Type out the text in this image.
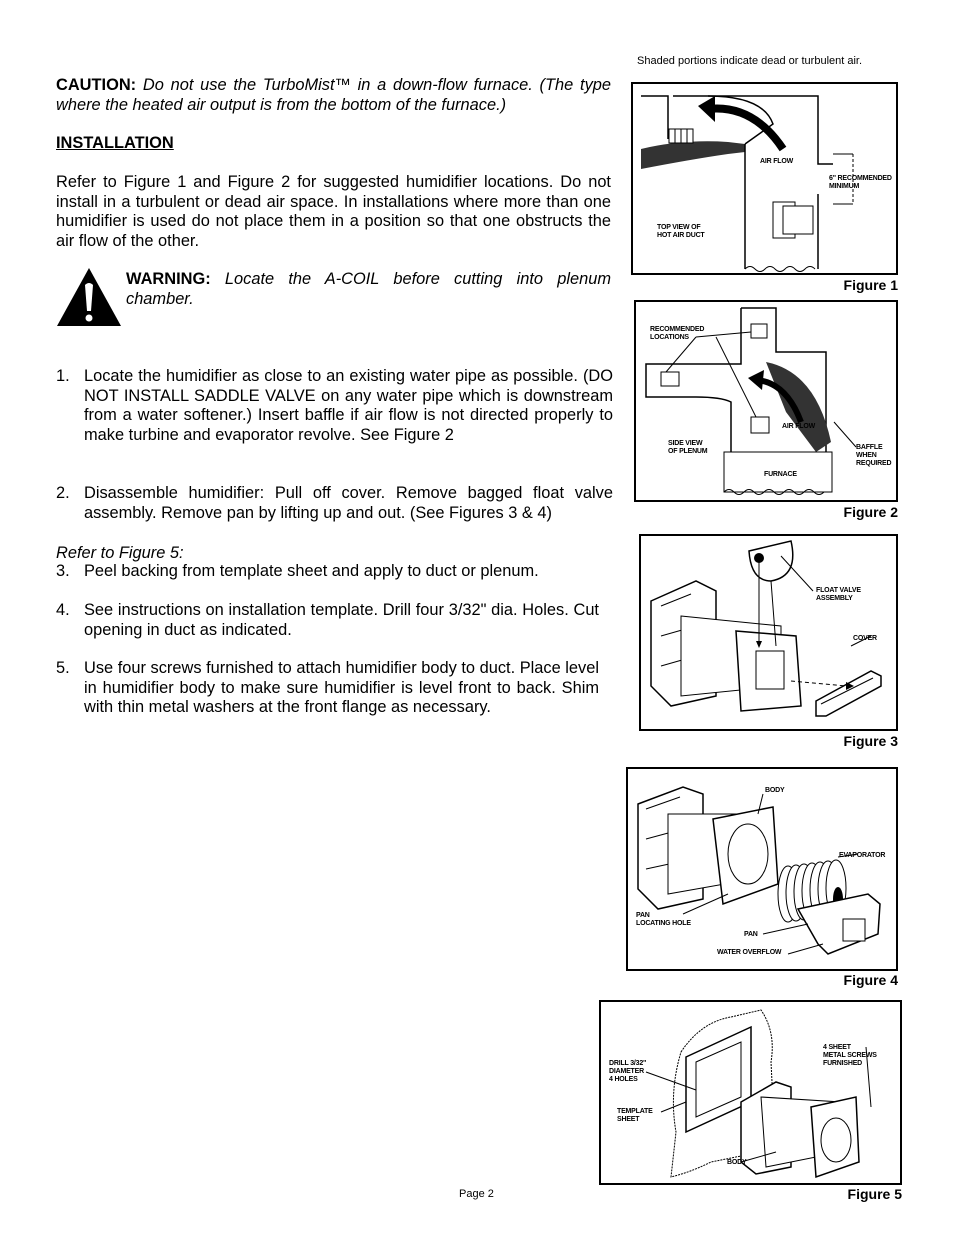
Shaded portions indicate dead or turbulent air.
CAUTION: Do not use the TurboMist™ in a down-flow furnace. (The type where the heated air output is from the bottom of the furnace.)
INSTALLATION
Refer to Figure 1 and Figure 2 for suggested humidifier locations. Do not install in a turbulent or dead air space. In installations where more than one humidifier is used do not place them in a position so that one obstructs the air flow of the other.
WARNING: Locate the A-COIL before cutting into plenum chamber.
1. Locate the humidifier as close to an existing water pipe as possible. (DO NOT INSTALL SADDLE VALVE on any water pipe which is downstream from a water softener.) Insert baffle if air flow is not directed properly to make turbine and evaporator revolve. See Figure 2
2. Disassemble humidifier: Pull off cover. Remove bagged float valve assembly. Remove pan by lifting up and out. (See Figures 3 & 4)
Refer to Figure 5:
3. Peel backing from template sheet and apply to duct or plenum.
4. See instructions on installation template. Drill four 3/32" dia. Holes. Cut opening in duct as indicated.
5. Use four screws furnished to attach humidifier body to duct. Place level in humidifier body to make sure humidifier is level front to back. Shim with thin metal washers at the front flange as necessary.
AIR FLOW
6" RECOMMENDED
MINIMUM
TOP VIEW OF
HOT AIR DUCT
Figure 1
RECOMMENDED
LOCATIONS
SIDE VIEW
OF PLENUM
AIR FLOW
BAFFLE
WHEN
REQUIRED
FURNACE
Figure 2
FLOAT VALVE
ASSEMBLY
COVER
Figure 3
BODY
EVAPORATOR
PAN
LOCATING HOLE
PAN
WATER OVERFLOW
Figure 4
4 SHEET
METAL SCREWS
FURNISHED
DRILL 3/32"
DIAMETER
4 HOLES
TEMPLATE
SHEET
BODY
Figure 5
Page 2
